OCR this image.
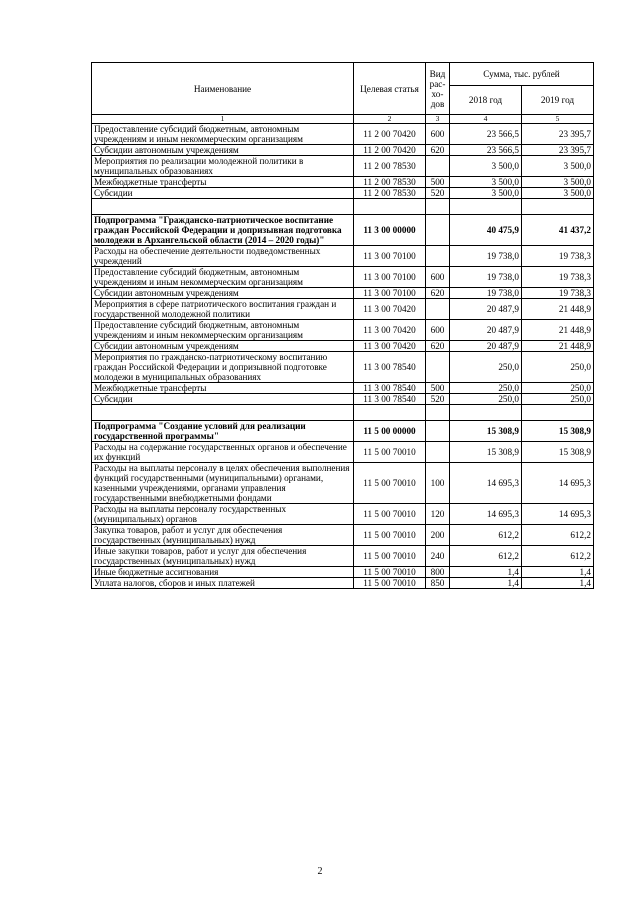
Наименование	Целевая статья	Вид рас-хо-дов	Сумма, тыс. рублей	
			2018 год	2019 год
1	2	3	4	5
Предоставление субсидий бюджетным, автономным учреждениям и иным некоммерческим организациям	11 2 00 70420	600	23 566,5	23 395,7
Субсидии автономным учреждениям	11 2 00 70420	620	23 566,5	23 395,7
Мероприятия по реализации молодежной политики в муниципальных образованиях	11 2 00 78530		3 500,0	3 500,0
Межбюджетные трансферты	11 2 00 78530	500	3 500,0	3 500,0
Субсидии	11 2 00 78530	520	3 500,0	3 500,0

Подпрограмма "Гражданско-патриотическое воспитание граждан Российской Федерации и допризывная подготовка молодежи в Архангельской области (2014 – 2020 годы)"	11 3 00 00000		40 475,9	41 437,2
Расходы на обеспечение деятельности подведомственных учреждений	11 3 00 70100		19 738,0	19 738,3
Предоставление субсидий бюджетным, автономным учреждениям и иным некоммерческим организациям	11 3 00 70100	600	19 738,0	19 738,3
Субсидии автономным учреждениям	11 3 00 70100	620	19 738,0	19 738,3
Мероприятия в сфере патриотического воспитания граждан и государственной молодежной политики	11 3 00 70420		20 487,9	21 448,9
Предоставление субсидий бюджетным, автономным учреждениям и иным некоммерческим организациям	11 3 00 70420	600	20 487,9	21 448,9
Субсидии автономным учреждениям	11 3 00 70420	620	20 487,9	21 448,9
Мероприятия по гражданско-патриотическому воспитанию граждан Российской Федерации и допризывной подготовке молодежи в муниципальных образованиях	11 3 00 78540		250,0	250,0
Межбюджетные трансферты	11 3 00 78540	500	250,0	250,0
Субсидии	11 3 00 78540	520	250,0	250,0

Подпрограмма "Создание условий для реализации государственной программы"	11 5 00 00000		15 308,9	15 308,9
Расходы на содержание государственных органов и обеспечение их функций	11 5 00 70010		15 308,9	15 308,9
Расходы на выплаты персоналу в целях обеспечения выполнения функций государственными (муниципальными) органами, казенными учреждениями, органами управления государственными внебюджетными фондами	11 5 00 70010	100	14 695,3	14 695,3
Расходы на выплаты персоналу государственных (муниципальных) органов	11 5 00 70010	120	14 695,3	14 695,3
Закупка товаров, работ и услуг для обеспечения государственных (муниципальных) нужд	11 5 00 70010	200	612,2	612,2
Иные закупки товаров, работ и услуг для обеспечения государственных (муниципальных) нужд	11 5 00 70010	240	612,2	612,2
Иные бюджетные ассигнования	11 5 00 70010	800	1,4	1,4
Уплата налогов, сборов и иных платежей	11 5 00 70010	850	1,4	1,4
2
